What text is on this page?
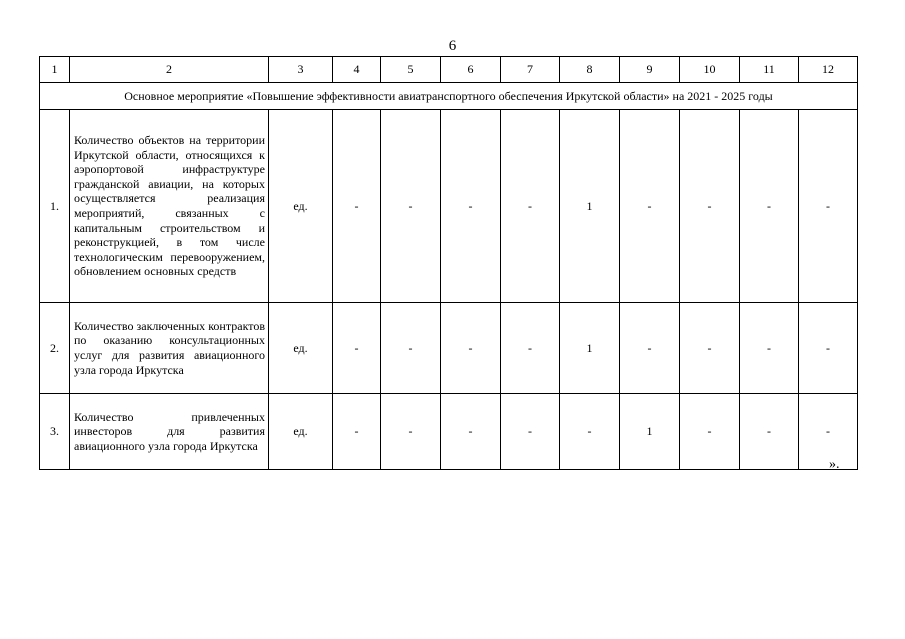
6
1	2	3	4	5	6	7	8	9	10	11	12
Основное мероприятие «Повышение эффективности авиатранспортного обеспечения Иркутской области» на 2021 - 2025 годы											
1.	Количество объектов на территории Иркутской области, относящихся к аэропортовой инфраструктуре гражданской авиации, на которых осуществляется реализация мероприятий, связанных с капитальным строительством и реконструкцией, в том числе технологическим перевооружением, обновлением основных средств	ед.	-	-	-	-	1	-	-	-	-
2.	Количество заключенных контрактов по оказанию консультационных услуг для развития авиационного узла города Иркутска	ед.	-	-	-	-	1	-	-	-	-
3.	Количество привлеченных инвесторов для развития авиационного узла города Иркутска	ед.	-	-	-	-	-	1	-	-	-
».
